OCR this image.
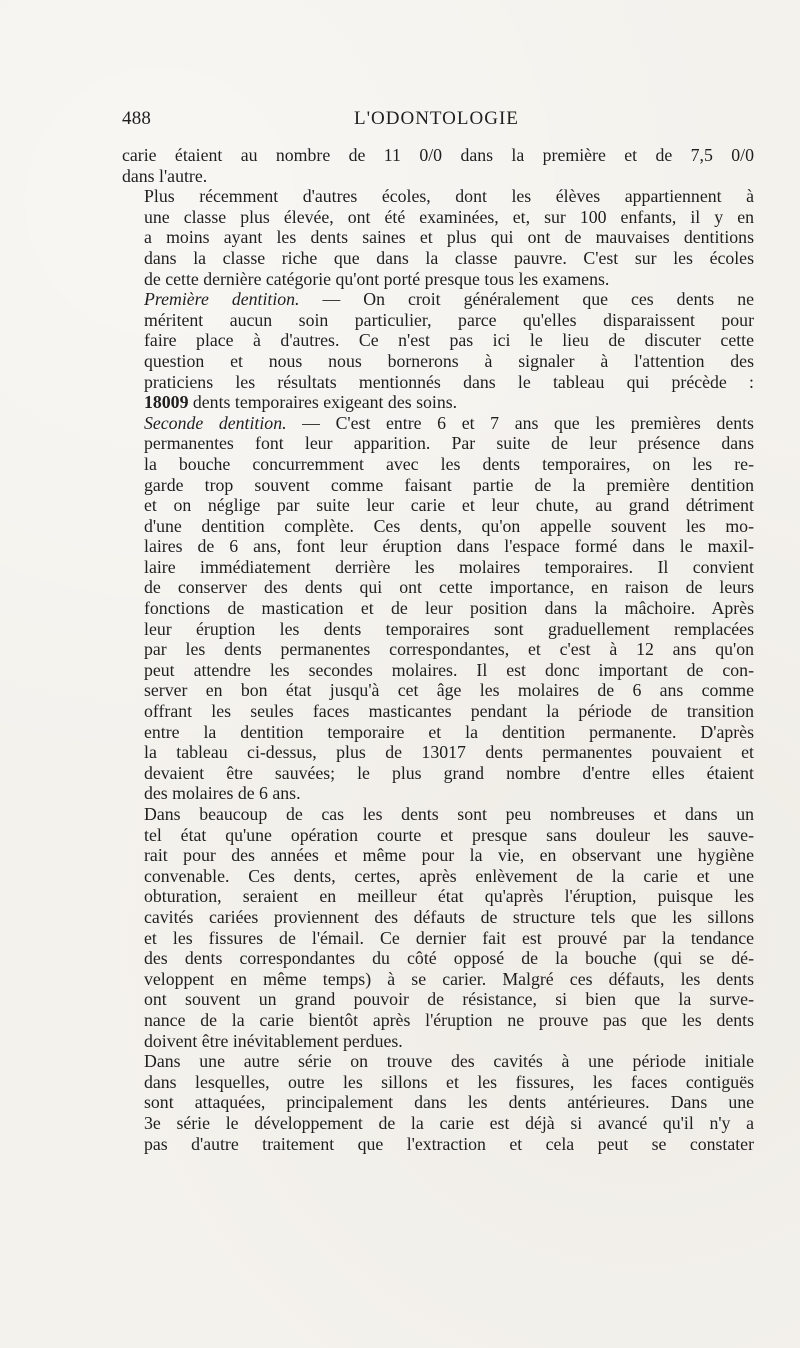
488	L'ODONTOLOGIE

carie étaient au nombre de 11 0/0 dans la première et de 7,5 0/0
dans l'autre.

Plus récemment d'autres écoles, dont les élèves appartiennent à
une classe plus élevée, ont été examinées, et, sur 100 enfants, il y en
a moins ayant les dents saines et plus qui ont de mauvaises dentitions
dans la classe riche que dans la classe pauvre. C'est sur les écoles
de cette dernière catégorie qu'ont porté presque tous les examens.

Première dentition. — On croit généralement que ces dents ne
méritent aucun soin particulier, parce qu'elles disparaissent pour
faire place à d'autres. Ce n'est pas ici le lieu de discuter cette
question et nous nous bornerons à signaler à l'attention des
praticiens les résultats mentionnés dans le tableau qui précède :
18009 dents temporaires exigeant des soins.

Seconde dentition. — C'est entre 6 et 7 ans que les premières dents
permanentes font leur apparition. Par suite de leur présence dans
la bouche concurremment avec les dents temporaires, on les re-
garde trop souvent comme faisant partie de la première dentition
et on néglige par suite leur carie et leur chute, au grand détriment
d'une dentition complète. Ces dents, qu'on appelle souvent les mo-
laires de 6 ans, font leur éruption dans l'espace formé dans le maxil-
laire immédiatement derrière les molaires temporaires. Il convient
de conserver des dents qui ont cette importance, en raison de leurs
fonctions de mastication et de leur position dans la mâchoire. Après
leur éruption les dents temporaires sont graduellement remplacées
par les dents permanentes correspondantes, et c'est à 12 ans qu'on
peut attendre les secondes molaires. Il est donc important de con-
server en bon état jusqu'à cet âge les molaires de 6 ans comme
offrant les seules faces masticantes pendant la période de transition
entre la dentition temporaire et la dentition permanente. D'après
la tableau ci-dessus, plus de 13017 dents permanentes pouvaient et
devaient être sauvées; le plus grand nombre d'entre elles étaient
des molaires de 6 ans.

Dans beaucoup de cas les dents sont peu nombreuses et dans un
tel état qu'une opération courte et presque sans douleur les sauve-
rait pour des années et même pour la vie, en observant une hygiène
convenable. Ces dents, certes, après enlèvement de la carie et une
obturation, seraient en meilleur état qu'après l'éruption, puisque les
cavités cariées proviennent des défauts de structure tels que les sillons
et les fissures de l'émail. Ce dernier fait est prouvé par la tendance
des dents correspondantes du côté opposé de la bouche (qui se dé-
veloppent en même temps) à se carier. Malgré ces défauts, les dents
ont souvent un grand pouvoir de résistance, si bien que la surve-
nance de la carie bientôt après l'éruption ne prouve pas que les dents
doivent être inévitablement perdues.

Dans une autre série on trouve des cavités à une période initiale
dans lesquelles, outre les sillons et les fissures, les faces contiguës
sont attaquées, principalement dans les dents antérieures. Dans une
3e série le développement de la carie est déjà si avancé qu'il n'y a
pas d'autre traitement que l'extraction et cela peut se constater
